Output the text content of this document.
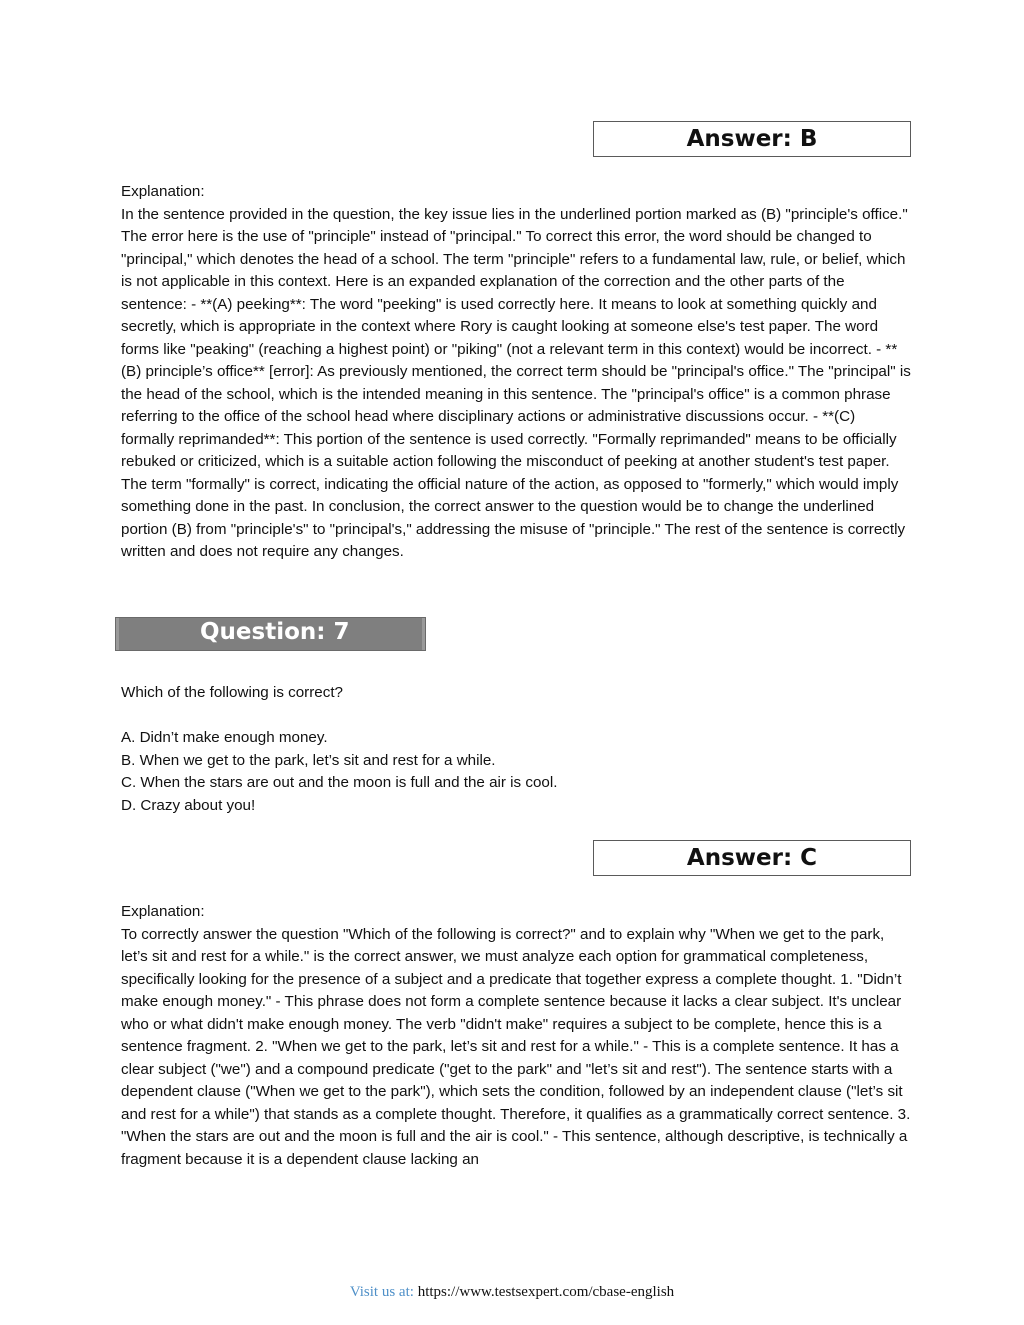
Answer: B

Explanation:

In the sentence provided in the question, the key issue lies in the underlined portion marked as (B) "principle's office." The error here is the use of "principle" instead of "principal." To correct this error, the word should be changed to "principal," which denotes the head of a school. The term "principle" refers to a fundamental law, rule, or belief, which is not applicable in this context. Here is an expanded explanation of the correction and the other parts of the sentence: - **(A) peeking**: The word "peeking" is used correctly here. It means to look at something quickly and secretly, which is appropriate in the context where Rory is caught looking at someone else's test paper. The word forms like "peaking" (reaching a highest point) or "piking" (not a relevant term in this context) would be incorrect. - **(B) principle’s office** [error]: As previously mentioned, the correct term should be "principal's office." The "principal" is the head of the school, which is the intended meaning in this sentence. The "principal's office" is a common phrase referring to the office of the school head where disciplinary actions or administrative discussions occur. - **(C) formally reprimanded**: This portion of the sentence is used correctly. "Formally reprimanded" means to be officially rebuked or criticized, which is a suitable action following the misconduct of peeking at another student's test paper. The term "formally" is correct, indicating the official nature of the action, as opposed to "formerly," which would imply something done in the past. In conclusion, the correct answer to the question would be to change the underlined portion (B) from "principle's" to "principal's," addressing the misuse of "principle." The rest of the sentence is correctly written and does not require any changes.

Question: 7

Which of the following is correct?

A. Didn’t make enough money.
B. When we get to the park, let’s sit and rest for a while.
C. When the stars are out and the moon is full and the air is cool.
D. Crazy about you!
Answer: C

Explanation:

To correctly answer the question "Which of the following is correct?" and to explain why "When we get to the park, let’s sit and rest for a while." is the correct answer, we must analyze each option for grammatical completeness, specifically looking for the presence of a subject and a predicate that together express a complete thought. 1. "Didn’t make enough money." - This phrase does not form a complete sentence because it lacks a clear subject. It's unclear who or what didn't make enough money. The verb "didn't make" requires a subject to be complete, hence this is a sentence fragment. 2. "When we get to the park, let’s sit and rest for a while." - This is a complete sentence. It has a clear subject ("we") and a compound predicate ("get to the park" and "let’s sit and rest"). The sentence starts with a dependent clause ("When we get to the park"), which sets the condition, followed by an independent clause ("let’s sit and rest for a while") that stands as a complete thought. Therefore, it qualifies as a grammatically correct sentence. 3. "When the stars are out and the moon is full and the air is cool." - This sentence, although descriptive, is technically a fragment because it is a dependent clause lacking an

Visit us at: https://www.testsexpert.com/cbase-english
